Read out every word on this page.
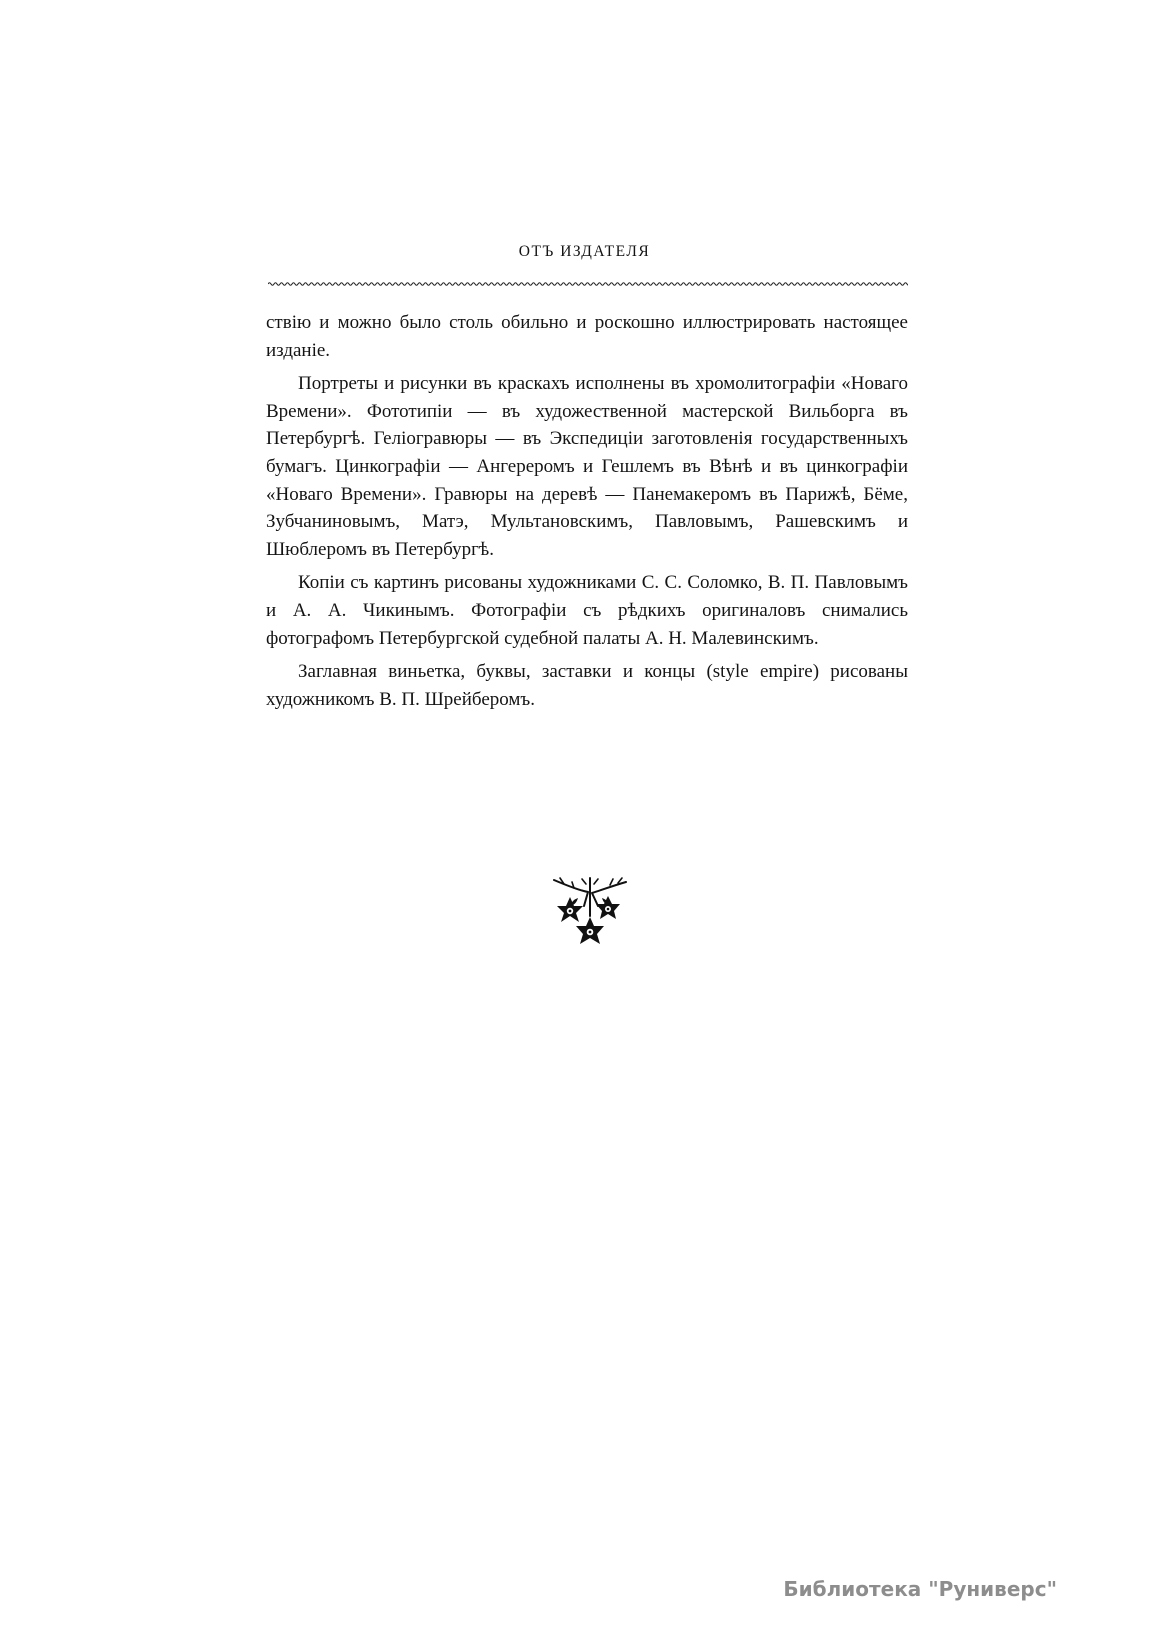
ОТЪ ИЗДАТЕЛЯ

ствію и можно было столь обильно и роскошно иллюстрировать настоящее изданіе.

Портреты и рисунки въ краскахъ исполнены въ хромолитографіи «Новаго Времени». Фототипіи — въ художественной мастерской Вильборга въ Петербургѣ. Геліогравюры — въ Экспедиціи заготовленія государственныхъ бумагъ. Цинкографіи — Ангереромъ и Гешлемъ въ Вѣнѣ и въ цинкографіи «Новаго Времени». Гравюры на деревѣ — Панемакеромъ въ Парижѣ, Бёме, Зубчаниновымъ, Матэ, Мультановскимъ, Павловымъ, Рашевскимъ и Шюблеромъ въ Петербургѣ.

Копіи съ картинъ рисованы художниками С. С. Соломко, В. П. Павловымъ и А. А. Чикинымъ. Фотографіи съ рѣдкихъ оригиналовъ снимались фотографомъ Петербургской судебной палаты А. Н. Малевинскимъ.

Заглавная виньетка, буквы, заставки и концы (style empire) рисованы художникомъ В. П. Шрейберомъ.

Библиотека "Руниверс"
